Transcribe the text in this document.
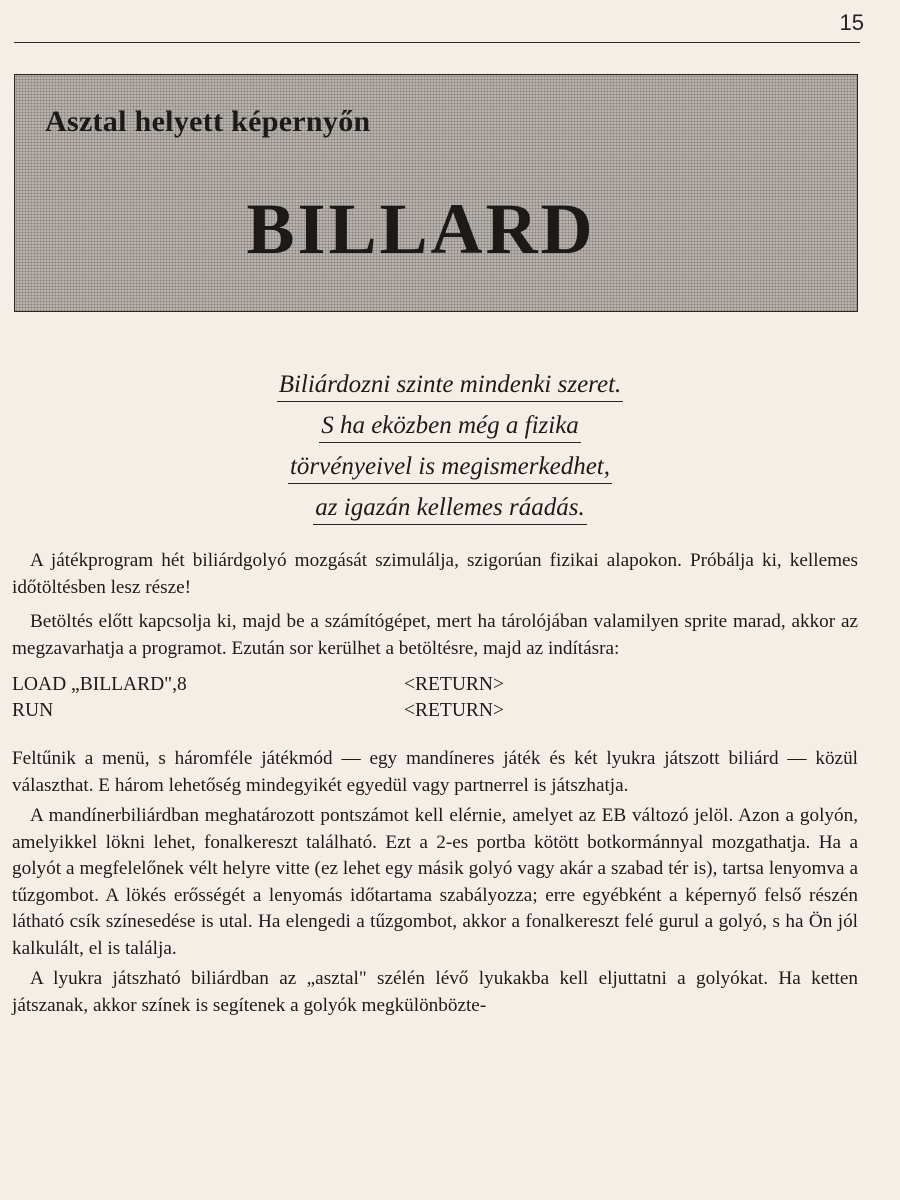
15
Asztal helyett képernyőn
BILLARD
Biliárdozni szinte mindenki szeret.
S ha eközben még a fizika
törvényeivel is megismerkedhet,
az igazán kellemes ráadás.

A játékprogram hét biliárdgolyó mozgását szimulálja, szigorúan fizikai alapokon. Próbálja ki, kellemes időtöltésben lesz része!

Betöltés előtt kapcsolja ki, majd be a számítógépet, mert ha tárolójában valamilyen sprite marad, akkor az megzavarhatja a programot. Ezután sor kerülhet a betöltésre, majd az indításra:

LOAD „BILLARD",8	<RETURN>
RUN	<RETURN>

Feltűnik a menü, s háromféle játékmód — egy mandíneres játék és két lyukra játszott biliárd — közül választhat. E három lehetőség mindegyikét egyedül vagy partnerrel is játszhatja.

A mandínerbiliárdban meghatározott pontszámot kell elérnie, amelyet az EB változó jelöl. Azon a golyón, amelyikkel lökni lehet, fonalkereszt található. Ezt a 2-es portba kötött botkormánnyal mozgathatja. Ha a golyót a megfelelőnek vélt helyre vitte (ez lehet egy másik golyó vagy akár a szabad tér is), tartsa lenyomva a tűzgombot. A lökés erősségét a lenyomás időtartama szabályozza; erre egyébként a képernyő felső részén látható csík színesedése is utal. Ha elengedi a tűzgombot, akkor a fonalkereszt felé gurul a golyó, s ha Ön jól kalkulált, el is találja.

A lyukra játszható biliárdban az „asztal" szélén lévő lyukakba kell eljuttatni a golyókat. Ha ketten játszanak, akkor színek is segítenek a golyók megkülönbözte-
